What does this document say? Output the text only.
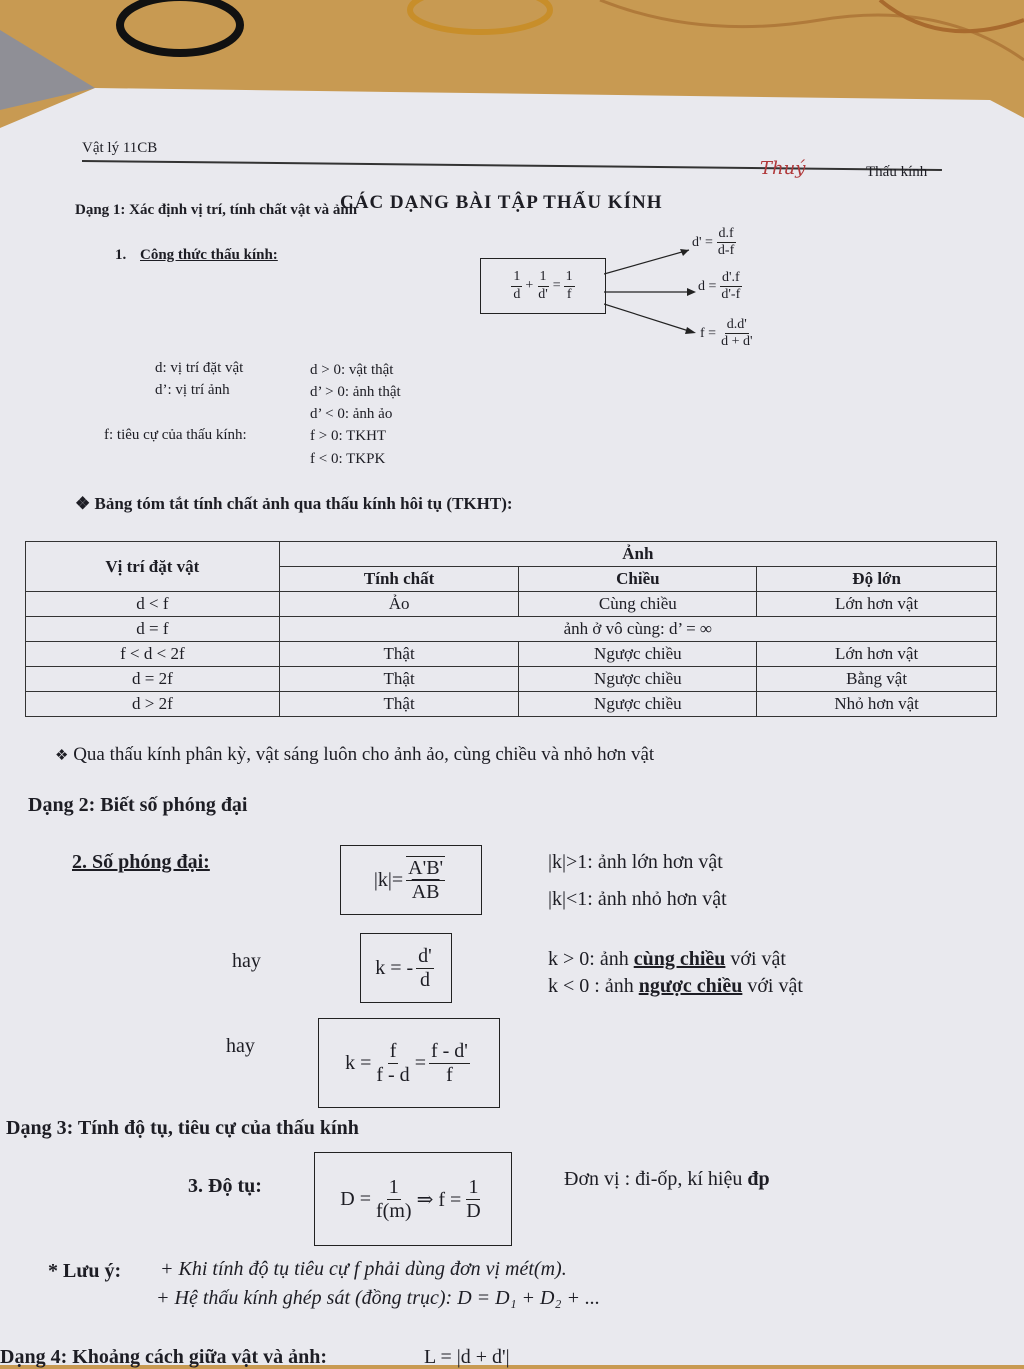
Vật lý 11CB
Thuý	Thấu kính
CÁC DẠNG BÀI TẬP THẤU KÍNH
Dạng 1: Xác định vị trí, tính chất vật và ảnh
1. Công thức thấu kính:
$\frac{1}{d} + \frac{1}{d'} = \frac{1}{f}$
$d' = \frac{d.f}{d-f}$
$d = \frac{d'.f}{d'-f}$
$f = \frac{d.d'}{d + d'}$
d: vị trí đặt vật
d’: vị trí ảnh
f: tiêu cự của thấu kính:
d > 0: vật thật
d’ > 0: ảnh thật
d’ < 0: ảnh ảo
f > 0: TKHT
f < 0: TKPK
❖ Bảng tóm tắt tính chất ảnh qua thấu kính hôi tụ (TKHT):
Vị trí đặt vật	Ảnh		
	Tính chất	Chiều	Độ lớn
d < f	Ảo	Cùng chiều	Lớn hơn vật
d = f	ảnh ở vô cùng: d’ = ∞		
f < d < 2f	Thật	Ngược chiều	Lớn hơn vật
d = 2f	Thật	Ngược chiều	Bằng vật
d > 2f	Thật	Ngược chiều	Nhỏ hơn vật
❖ Qua thấu kính phân kỳ, vật sáng luôn cho ảnh ảo, cùng chiều và nhỏ hơn vật
Dạng 2: Biết số phóng đại
2. Số phóng đại:
$|k| = \frac{A'B'}{AB}$	|k|>1: ảnh lớn hơn vật
|k|<1: ảnh nhỏ hơn vật
hay	k = - $\frac{d'}{d}$	k > 0: ảnh cùng chiều với vật
k < 0 : ảnh ngược chiều với vật
hay
$k = \frac{f}{f - d} = \frac{f - d'}{f}$
Dạng 3: Tính độ tụ, tiêu cự của thấu kính
3. Độ tụ:
$D = \frac{1}{f(m)}$ ⇒ $f = \frac{1}{D}$	Đơn vị : đi-ốp, kí hiệu đp
* Lưu ý: + Khi tính độ tụ tiêu cự f phải dùng đơn vị mét(m).
+ Hệ thấu kính ghép sát (đồng trục): D = D₁ + D₂ + ...
Dạng 4: Khoảng cách giữa vật và ảnh:	L = |d + d'|
